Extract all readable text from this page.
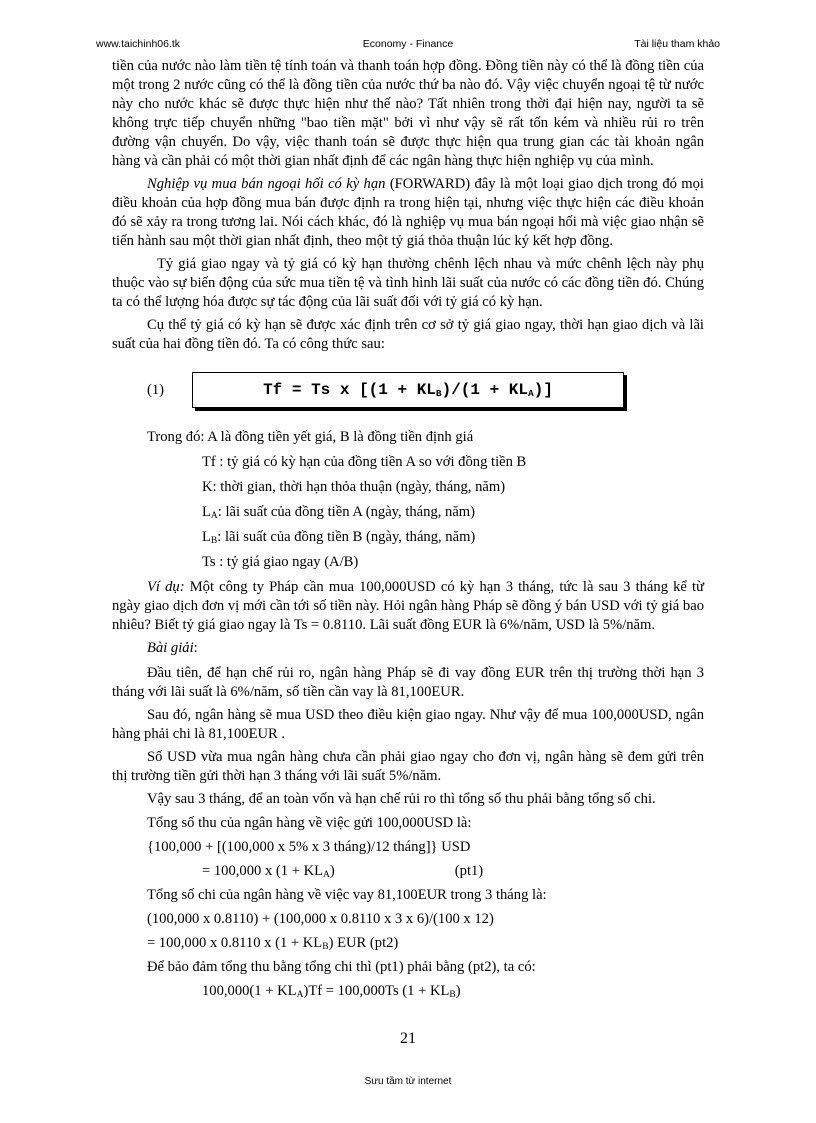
www.taichinh06.tk	Economy - Finance	Tài liệu tham khảo

tiền của nước nào làm tiền tệ tính toán và thanh toán hợp đồng. Đồng tiền này có thể là đồng tiền của một trong 2 nước cũng có thể là đồng tiền của nước thứ ba nào đó. Vậy việc chuyển ngoại tệ từ nước này cho nước khác sẽ được thực hiện như thế nào? Tất nhiên trong thời đại hiện nay, người ta sẽ không trực tiếp chuyển những "bao tiền mặt" bởi vì như vậy sẽ rất tốn kém và nhiều rủi ro trên đường vận chuyển. Do vậy, việc thanh toán sẽ được thực hiện qua trung gian các tài khoản ngân hàng và cần phải có một thời gian nhất định để các ngân hàng thực hiện nghiệp vụ của mình.

Nghiệp vụ mua bán ngoại hối có kỳ hạn (FORWARD) đây là một loại giao dịch trong đó mọi điều khoản của hợp đồng mua bán được định ra trong hiện tại, nhưng việc thực hiện các điều khoản đó sẽ xảy ra trong tương lai. Nói cách khác, đó là nghiệp vụ mua bán ngoại hối mà việc giao nhận sẽ tiến hành sau một thời gian nhất định, theo một tỷ giá thỏa thuận lúc ký kết hợp đồng.

Tỷ giá giao ngay và tỷ giá có kỳ hạn thường chênh lệch nhau và mức chênh lệch này phụ thuộc vào sự biến động của sức mua tiền tệ và tình hình lãi suất của nước có các đồng tiền đó. Chúng ta có thể lượng hóa được sự tác động của lãi suất đối với tỷ giá có kỳ hạn.

Cụ thể tỷ giá có kỳ hạn sẽ được xác định trên cơ sở tỷ giá giao ngay, thời hạn giao dịch và lãi suất của hai đồng tiền đó. Ta có công thức sau:

(1)	Tf = Ts x $[(1 + KL_B)/(1 + KL_A)]$
Trong đó: A là đồng tiền yết giá, B là đồng tiền định giá
Tf : tỷ giá có kỳ hạn của đồng tiền A so với đồng tiền B
K: thời gian, thời hạn thỏa thuận (ngày, tháng, năm)
$L_A$: lãi suất của đồng tiền A (ngày, tháng, năm)
$L_B$: lãi suất của đồng tiền B (ngày, tháng, năm)
Ts : tỷ giá giao ngay (A/B)

Ví dụ: Một công ty Pháp cần mua 100,000USD có kỳ hạn 3 tháng, tức là sau 3 tháng kể từ ngày giao dịch đơn vị mới cần tới số tiền này. Hỏi ngân hàng Pháp sẽ đồng ý bán USD với tỷ giá bao nhiêu? Biết tỷ giá giao ngay là Ts = 0.8110. Lãi suất đồng EUR là 6%/năm, USD là 5%/năm.

Bài giải:

Đầu tiên, để hạn chế rủi ro, ngân hàng Pháp sẽ đi vay đồng EUR trên thị trường thời hạn 3 tháng với lãi suất là 6%/năm, số tiền cần vay là 81,100EUR.

Sau đó, ngân hàng sẽ mua USD theo điều kiện giao ngay. Như vậy để mua 100,000USD, ngân hàng phải chi là 81,100EUR .

Số USD vừa mua ngân hàng chưa cần phải giao ngay cho đơn vị, ngân hàng sẽ đem gửi trên thị trường tiền gửi thời hạn 3 tháng với lãi suất 5%/năm.

Vậy sau 3 tháng, để an toàn vốn và hạn chế rủi ro thì tổng số thu phải bằng tổng số chi.
Tổng số thu của ngân hàng về việc gửi 100,000USD là:
{100,000 + [(100,000 x 5% x 3 tháng)/12 tháng]} USD
= 100,000 x $(1 + KL_A)$	(pt1)
Tổng số chi của ngân hàng về việc vay 81,100EUR trong 3 tháng là:
(100,000 x 0.8110) + (100,000 x 0.8110 x 3 x 6)/(100 x 12)
= 100,000 x 0.8110 x $(1 + KL_B)$ EUR (pt2)
Để bảo đảm tổng thu bằng tổng chi thì (pt1) phải bằng (pt2), ta có:
$100,000(1 + KL_A)Tf = 100,000Ts$ $(1 + KL_B)$
21
Sưu tầm từ internet
